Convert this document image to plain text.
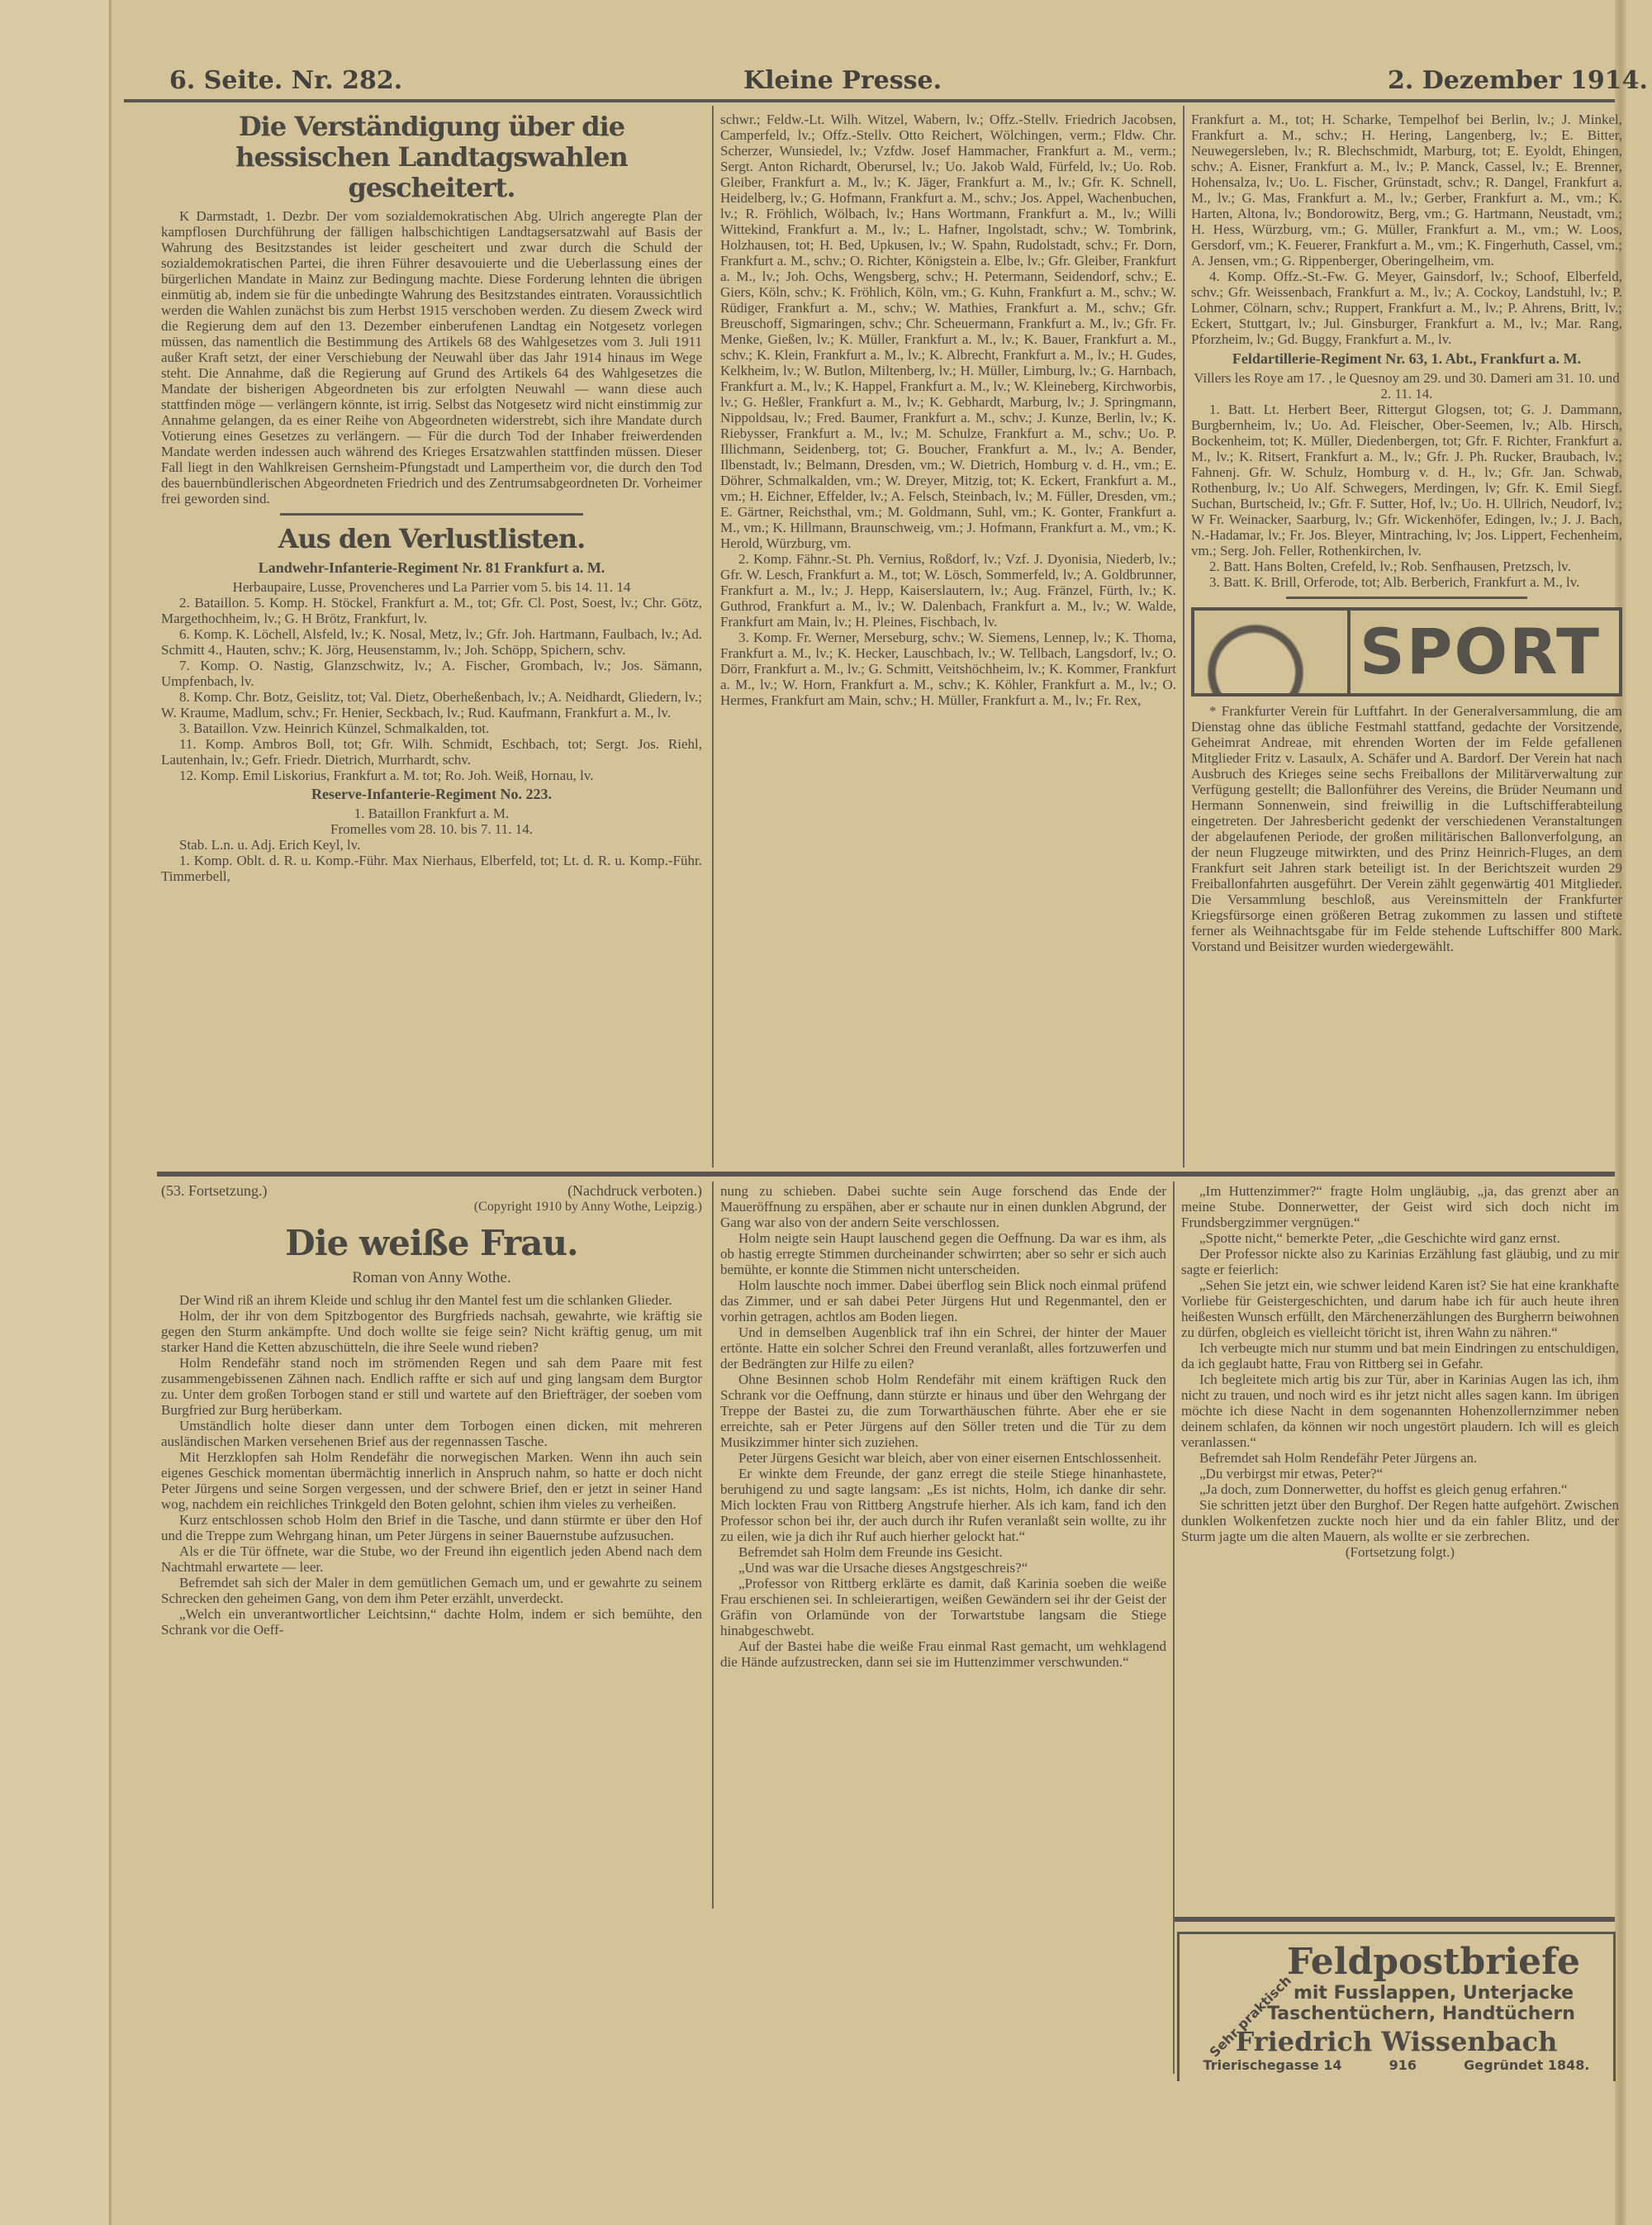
6. Seite. Nr. 282.	Kleine Presse.	2. Dezember 1914.
Die Verständigung über die hessischen Landtagswahlen gescheitert.

K Darmstadt, 1. Dezbr. Der vom sozialdemokratischen Abg. Ulrich angeregte Plan der kampflosen Durchführung der fälligen halbschichtigen Landtagsersatzwahl auf Basis der Wahrung des Besitzstandes ist leider gescheitert und zwar durch die Schuld der sozialdemokratischen Partei, die ihren Führer desavouierte und die Ueberlassung eines der bürgerlichen Mandate in Mainz zur Bedingung machte. Diese Forderung lehnten die übrigen einmütig ab, indem sie für die unbedingte Wahrung des Besitzstandes eintraten. Voraussichtlich werden die Wahlen zunächst bis zum Herbst 1915 verschoben werden. Zu diesem Zweck wird die Regierung dem auf den 13. Dezember einberufenen Landtag ein Notgesetz vorlegen müssen, das namentlich die Bestimmung des Artikels 68 des Wahlgesetzes vom 3. Juli 1911 außer Kraft setzt, der einer Verschiebung der Neuwahl über das Jahr 1914 hinaus im Wege steht. Die Annahme, daß die Regierung auf Grund des Artikels 64 des Wahlgesetzes die Mandate der bisherigen Abgeordneten bis zur erfolgten Neuwahl — wann diese auch stattfinden möge — verlängern könnte, ist irrig. Selbst das Notgesetz wird nicht einstimmig zur Annahme gelangen, da es einer Reihe von Abgeordneten widerstrebt, sich ihre Mandate durch Votierung eines Gesetzes zu verlängern. — Für die durch Tod der Inhaber freiwerdenden Mandate werden indessen auch während des Krieges Ersatzwahlen stattfinden müssen. Dieser Fall liegt in den Wahlkreisen Gernsheim-Pfungstadt und Lampertheim vor, die durch den Tod des bauernbündlerischen Abgeordneten Friedrich und des Zentrumsabgeordneten Dr. Vorheimer frei geworden sind.

Aus den Verlustlisten.
Landwehr-Infanterie-Regiment Nr. 81 Frankfurt a. M.

Herbaupaire, Lusse, Provencheres und La Parrier vom 5. bis 14. 11. 14

2. Bataillon. 5. Komp. H. Stöckel, Frankfurt a. M., tot; Gfr. Cl. Post, Soest, lv.; Chr. Götz, Margethochheim, lv.; G. H Brötz, Frankfurt, lv.

6. Komp. K. Löchell, Alsfeld, lv.; K. Nosal, Metz, lv.; Gfr. Joh. Hartmann, Faulbach, lv.; Ad. Schmitt 4., Hauten, schv.; K. Jörg, Heusenstamm, lv.; Joh. Schöpp, Spichern, schv.

7. Komp. O. Nastig, Glanzschwitz, lv.; A. Fischer, Grombach, lv.; Jos. Sämann, Umpfenbach, lv.

8. Komp. Chr. Botz, Geislitz, tot; Val. Dietz, Oberheßenbach, lv.; A. Neidhardt, Gliedern, lv.; W. Kraume, Madlum, schv.; Fr. Henier, Seckbach, lv.; Rud. Kaufmann, Frankfurt a. M., lv.

3. Bataillon. Vzw. Heinrich Künzel, Schmalkalden, tot.

11. Komp. Ambros Boll, tot; Gfr. Wilh. Schmidt, Eschbach, tot; Sergt. Jos. Riehl, Lautenhain, lv.; Gefr. Friedr. Dietrich, Murrhardt, schv.

12. Komp. Emil Liskorius, Frankfurt a. M. tot; Ro. Joh. Weiß, Hornau, lv.

Reserve-Infanterie-Regiment No. 223.

1. Bataillon Frankfurt a. M.

Fromelles vom 28. 10. bis 7. 11. 14.

Stab. L.n. u. Adj. Erich Keyl, lv.

1. Komp. Oblt. d. R. u. Komp.-Führ. Max Nierhaus, Elberfeld, tot; Lt. d. R. u. Komp.-Führ. Timmerbell,

schwr.; Feldw.-Lt. Wilh. Witzel, Wabern, lv.; Offz.-Stellv. Friedrich Jacobsen, Camperfeld, lv.; Offz.-Stellv. Otto Reichert, Wölchingen, verm.; Fldw. Chr. Scherzer, Wunsiedel, lv.; Vzfdw. Josef Hammacher, Frankfurt a. M., verm.; Sergt. Anton Richardt, Oberursel, lv.; Uo. Jakob Wald, Fürfeld, lv.; Uo. Rob. Gleiber, Frankfurt a. M., lv.; K. Jäger, Frankfurt a. M., lv.; Gfr. K. Schnell, Heidelberg, lv.; G. Hofmann, Frankfurt a. M., schv.; Jos. Appel, Wachenbuchen, lv.; R. Fröhlich, Wölbach, lv.; Hans Wortmann, Frankfurt a. M., lv.; Willi Wittekind, Frankfurt a. M., lv.; L. Hafner, Ingolstadt, schv.; W. Tombrink, Holzhausen, tot; H. Bed, Upkusen, lv.; W. Spahn, Rudolstadt, schv.; Fr. Dorn, Frankfurt a. M., schv.; O. Richter, Königstein a. Elbe, lv.; Gfr. Gleiber, Frankfurt a. M., lv.; Joh. Ochs, Wengsberg, schv.; H. Petermann, Seidendorf, schv.; E. Giers, Köln, schv.; K. Fröhlich, Köln, vm.; G. Kuhn, Frankfurt a. M., schv.; W. Rüdiger, Frankfurt a. M., schv.; W. Mathies, Frankfurt a. M., schv.; Gfr. Breuschoff, Sigmaringen, schv.; Chr. Scheuermann, Frankfurt a. M., lv.; Gfr. Fr. Menke, Gießen, lv.; K. Müller, Frankfurt a. M., lv.; K. Bauer, Frankfurt a. M., schv.; K. Klein, Frankfurt a. M., lv.; K. Albrecht, Frankfurt a. M., lv.; H. Gudes, Kelkheim, lv.; W. Butlon, Miltenberg, lv.; H. Müller, Limburg, lv.; G. Harnbach, Frankfurt a. M., lv.; K. Happel, Frankfurt a. M., lv.; W. Kleineberg, Kirchworbis, lv.; G. Heßler, Frankfurt a. M., lv.; K. Gebhardt, Marburg, lv.; J. Springmann, Nippoldsau, lv.; Fred. Baumer, Frankfurt a. M., schv.; J. Kunze, Berlin, lv.; K. Riebysser, Frankfurt a. M., lv.; M. Schulze, Frankfurt a. M., schv.; Uo. P. Illichmann, Seidenberg, tot; G. Boucher, Frankfurt a. M., lv.; A. Bender, Ilbenstadt, lv.; Belmann, Dresden, vm.; W. Dietrich, Homburg v. d. H., vm.; E. Döhrer, Schmalkalden, vm.; W. Dreyer, Mitzig, tot; K. Eckert, Frankfurt a. M., vm.; H. Eichner, Effelder, lv.; A. Felsch, Steinbach, lv.; M. Füller, Dresden, vm.; E. Gärtner, Reichsthal, vm.; M. Goldmann, Suhl, vm.; K. Gonter, Frankfurt a. M., vm.; K. Hillmann, Braunschweig, vm.; J. Hofmann, Frankfurt a. M., vm.; K. Herold, Würzburg, vm.

2. Komp. Fähnr.-St. Ph. Vernius, Roßdorf, lv.; Vzf. J. Dyonisia, Niederb, lv.; Gfr. W. Lesch, Frankfurt a. M., tot; W. Lösch, Sommerfeld, lv.; A. Goldbrunner, Frankfurt a. M., lv.; J. Hepp, Kaiserslautern, lv.; Aug. Fränzel, Fürth, lv.; K. Guthrod, Frankfurt a. M., lv.; W. Dalenbach, Frankfurt a. M., lv.; W. Walde, Frankfurt am Main, lv.; H. Pleines, Fischbach, lv.

3. Komp. Fr. Werner, Merseburg, schv.; W. Siemens, Lennep, lv.; K. Thoma, Frankfurt a. M., lv.; K. Hecker, Lauschbach, lv.; W. Tellbach, Langsdorf, lv.; O. Dörr, Frankfurt a. M., lv.; G. Schmitt, Veitshöchheim, lv.; K. Kommer, Frankfurt a. M., lv.; W. Horn, Frankfurt a. M., schv.; K. Köhler, Frankfurt a. M., lv.; O. Hermes, Frankfurt am Main, schv.; H. Müller, Frankfurt a. M., lv.; Fr. Rex,

Frankfurt a. M., tot; H. Scharke, Tempelhof bei Berlin, lv.; J. Minkel, Frankfurt a. M., schv.; H. Hering, Langenberg, lv.; E. Bitter, Neuwegersleben, lv.; R. Blechschmidt, Marburg, tot; E. Eyoldt, Ehingen, schv.; A. Eisner, Frankfurt a. M., lv.; P. Manck, Cassel, lv.; E. Brenner, Hohensalza, lv.; Uo. L. Fischer, Grünstadt, schv.; R. Dangel, Frankfurt a. M., lv.; G. Mas, Frankfurt a. M., lv.; Gerber, Frankfurt a. M., vm.; K. Harten, Altona, lv.; Bondorowitz, Berg, vm.; G. Hartmann, Neustadt, vm.; H. Hess, Würzburg, vm.; G. Müller, Frankfurt a. M., vm.; W. Loos, Gersdorf, vm.; K. Feuerer, Frankfurt a. M., vm.; K. Fingerhuth, Cassel, vm.; A. Jensen, vm.; G. Rippenberger, Oberingelheim, vm.

4. Komp. Offz.-St.-Fw. G. Meyer, Gainsdorf, lv.; Schoof, Elberfeld, schv.; Gfr. Weissenbach, Frankfurt a. M., lv.; A. Cockoy, Landstuhl, lv.; P. Lohmer, Cölnarn, schv.; Ruppert, Frankfurt a. M., lv.; P. Ahrens, Britt, lv.; Eckert, Stuttgart, lv.; Jul. Ginsburger, Frankfurt a. M., lv.; Mar. Rang, Pforzheim, lv.; Gd. Buggy, Frankfurt a. M., lv.

Feldartillerie-Regiment Nr. 63, 1. Abt., Frankfurt a. M.

Villers les Roye am 17. , le Quesnoy am 29. und 30. Dameri am 31. 10. und 2. 11. 14.

1. Batt. Lt. Herbert Beer, Rittergut Glogsen, tot; G. J. Dammann, Burgbernheim, lv.; Uo. Ad. Fleischer, Ober-Seemen, lv.; Alb. Hirsch, Bockenheim, tot; K. Müller, Diedenbergen, tot; Gfr. F. Richter, Frankfurt a. M., lv.; K. Ritsert, Frankfurt a. M., lv.; Gfr. J. Ph. Rucker, Braubach, lv.; Fahnenj. Gfr. W. Schulz, Homburg v. d. H., lv.; Gfr. Jan. Schwab, Rothenburg, lv.; Uo Alf. Schwegers, Merdingen, lv; Gfr. K. Emil Siegf. Suchan, Burtscheid, lv.; Gfr. F. Sutter, Hof, lv.; Uo. H. Ullrich, Neudorf, lv.; W Fr. Weinacker, Saarburg, lv.; Gfr. Wickenhöfer, Edingen, lv.; J. J. Bach, N.-Hadamar, lv.; Fr. Jos. Bleyer, Mintraching, lv; Jos. Lippert, Fechenheim, vm.; Serg. Joh. Feller, Rothenkirchen, lv.

2. Batt. Hans Bolten, Crefeld, lv.; Rob. Senfhausen, Pretzsch, lv.

3. Batt. K. Brill, Orferode, tot; Alb. Berberich, Frankfurt a. M., lv.

SPORT

* Frankfurter Verein für Luftfahrt. In der Generalversammlung, die am Dienstag ohne das übliche Festmahl stattfand, gedachte der Vorsitzende, Geheimrat Andreae, mit ehrenden Worten der im Felde gefallenen Mitglieder Fritz v. Lasaulx, A. Schäfer und A. Bardorf. Der Verein hat nach Ausbruch des Krieges seine sechs Freiballons der Militärverwaltung zur Verfügung gestellt; die Ballonführer des Vereins, die Brüder Neumann und Hermann Sonnenwein, sind freiwillig in die Luftschifferabteilung eingetreten. Der Jahresbericht gedenkt der verschiedenen Veranstaltungen der abgelaufenen Periode, der großen militärischen Ballonverfolgung, an der neun Flugzeuge mitwirkten, und des Prinz Heinrich-Fluges, an dem Frankfurt seit Jahren stark beteiligt ist. In der Berichtszeit wurden 29 Freiballonfahrten ausgeführt. Der Verein zählt gegenwärtig 401 Mitglieder. Die Versammlung beschloß, aus Vereinsmitteln der Frankfurter Kriegsfürsorge einen größeren Betrag zukommen zu lassen und stiftete ferner als Weihnachtsgabe für im Felde stehende Luftschiffer 800 Mark. Vorstand und Beisitzer wurden wiedergewählt.

(53. Fortsetzung.)	(Nachdruck verboten.)
(Copyright 1910 by Anny Wothe, Leipzig.)
Die weiße Frau.
Roman von Anny Wothe.

Der Wind riß an ihrem Kleide und schlug ihr den Mantel fest um die schlanken Glieder.

Holm, der ihr von dem Spitzbogentor des Burgfrieds nachsah, gewahrte, wie kräftig sie gegen den Sturm ankämpfte. Und doch wollte sie feige sein? Nicht kräftig genug, um mit starker Hand die Ketten abzuschütteln, die ihre Seele wund rieben?

Holm Rendefähr stand noch im strömenden Regen und sah dem Paare mit fest zusammengebissenen Zähnen nach. Endlich raffte er sich auf und ging langsam dem Burgtor zu. Unter dem großen Torbogen stand er still und wartete auf den Briefträger, der soeben vom Burgfried zur Burg herüberkam.

Umständlich holte dieser dann unter dem Torbogen einen dicken, mit mehreren ausländischen Marken versehenen Brief aus der regennassen Tasche.

Mit Herzklopfen sah Holm Rendefähr die norwegischen Marken. Wenn ihn auch sein eigenes Geschick momentan übermächtig innerlich in Anspruch nahm, so hatte er doch nicht Peter Jürgens und seine Sorgen vergessen, und der schwere Brief, den er jetzt in seiner Hand wog, nachdem ein reichliches Trinkgeld den Boten gelohnt, schien ihm vieles zu verheißen.

Kurz entschlossen schob Holm den Brief in die Tasche, und dann stürmte er über den Hof und die Treppe zum Wehrgang hinan, um Peter Jürgens in seiner Bauernstube aufzusuchen.

Als er die Tür öffnete, war die Stube, wo der Freund ihn eigentlich jeden Abend nach dem Nachtmahl erwartete — leer.

Befremdet sah sich der Maler in dem gemütlichen Gemach um, und er gewahrte zu seinem Schrecken den geheimen Gang, von dem ihm Peter erzählt, unverdeckt.

„Welch ein unverantwortlicher Leichtsinn,“ dachte Holm, indem er sich bemühte, den Schrank vor die Oeff-

nung zu schieben. Dabei suchte sein Auge forschend das Ende der Maueröffnung zu erspähen, aber er schaute nur in einen dunklen Abgrund, der Gang war also von der andern Seite verschlossen.

Holm neigte sein Haupt lauschend gegen die Oeffnung. Da war es ihm, als ob hastig erregte Stimmen durcheinander schwirrten; aber so sehr er sich auch bemühte, er konnte die Stimmen nicht unterscheiden.

Holm lauschte noch immer. Dabei überflog sein Blick noch einmal prüfend das Zimmer, und er sah dabei Peter Jürgens Hut und Regenmantel, den er vorhin getragen, achtlos am Boden liegen.

Und in demselben Augenblick traf ihn ein Schrei, der hinter der Mauer ertönte. Hatte ein solcher Schrei den Freund veranlaßt, alles fortzuwerfen und der Bedrängten zur Hilfe zu eilen?

Ohne Besinnen schob Holm Rendefähr mit einem kräftigen Ruck den Schrank vor die Oeffnung, dann stürzte er hinaus und über den Wehrgang der Treppe der Bastei zu, die zum Torwarthäuschen führte. Aber ehe er sie erreichte, sah er Peter Jürgens auf den Söller treten und die Tür zu dem Musikzimmer hinter sich zuziehen.

Peter Jürgens Gesicht war bleich, aber von einer eisernen Entschlossenheit.

Er winkte dem Freunde, der ganz erregt die steile Stiege hinanhastete, beruhigend zu und sagte langsam: „Es ist nichts, Holm, ich danke dir sehr. Mich lockten Frau von Rittberg Angstrufe hierher. Als ich kam, fand ich den Professor schon bei ihr, der auch durch ihr Rufen veranlaßt sein wollte, zu ihr zu eilen, wie ja dich ihr Ruf auch hierher gelockt hat.“

Befremdet sah Holm dem Freunde ins Gesicht.

„Und was war die Ursache dieses Angstgeschreis?“

„Professor von Rittberg erklärte es damit, daß Karinia soeben die weiße Frau erschienen sei. In schleierartigen, weißen Gewändern sei ihr der Geist der Gräfin von Orlamünde von der Torwartstube langsam die Stiege hinabgeschwebt.

Auf der Bastei habe die weiße Frau einmal Rast gemacht, um wehklagend die Hände aufzustrecken, dann sei sie im Huttenzimmer verschwunden.“

„Im Huttenzimmer?“ fragte Holm ungläubig, „ja, das grenzt aber an meine Stube. Donnerwetter, der Geist wird sich doch nicht im Frundsbergzimmer vergnügen.“

„Spotte nicht,“ bemerkte Peter, „die Geschichte wird ganz ernst.

Der Professor nickte also zu Karinias Erzählung fast gläubig, und zu mir sagte er feierlich:

„Sehen Sie jetzt ein, wie schwer leidend Karen ist? Sie hat eine krankhafte Vorliebe für Geistergeschichten, und darum habe ich für auch heute ihren heißesten Wunsch erfüllt, den Märchenerzählungen des Burgherrn beiwohnen zu dürfen, obgleich es vielleicht töricht ist, ihren Wahn zu nähren.“

Ich verbeugte mich nur stumm und bat mein Eindringen zu entschuldigen, da ich geglaubt hatte, Frau von Rittberg sei in Gefahr.

Ich begleitete mich artig bis zur Tür, aber in Karinias Augen las ich, ihm nicht zu trauen, und noch wird es ihr jetzt nicht alles sagen kann. Im übrigen möchte ich diese Nacht in dem sogenannten Hohenzollernzimmer neben deinem schlafen, da können wir noch ungestört plaudern. Ich will es gleich veranlassen.“

Befremdet sah Holm Rendefähr Peter Jürgens an.

„Du verbirgst mir etwas, Peter?“

„Ja doch, zum Donnerwetter, du hoffst es gleich genug erfahren.“

Sie schritten jetzt über den Burghof. Der Regen hatte aufgehört. Zwischen dunklen Wolkenfetzen zuckte noch hier und da ein fahler Blitz, und der Sturm jagte um die alten Mauern, als wollte er sie zerbrechen.

(Fortsetzung folgt.)

Sehr praktisch
Feldpostbriefe
mit Fusslappen, Unterjacke
Taschentüchern, Handtüchern
Friedrich Wissenbach
Trierischegasse 14	916	Gegründet 1848.
